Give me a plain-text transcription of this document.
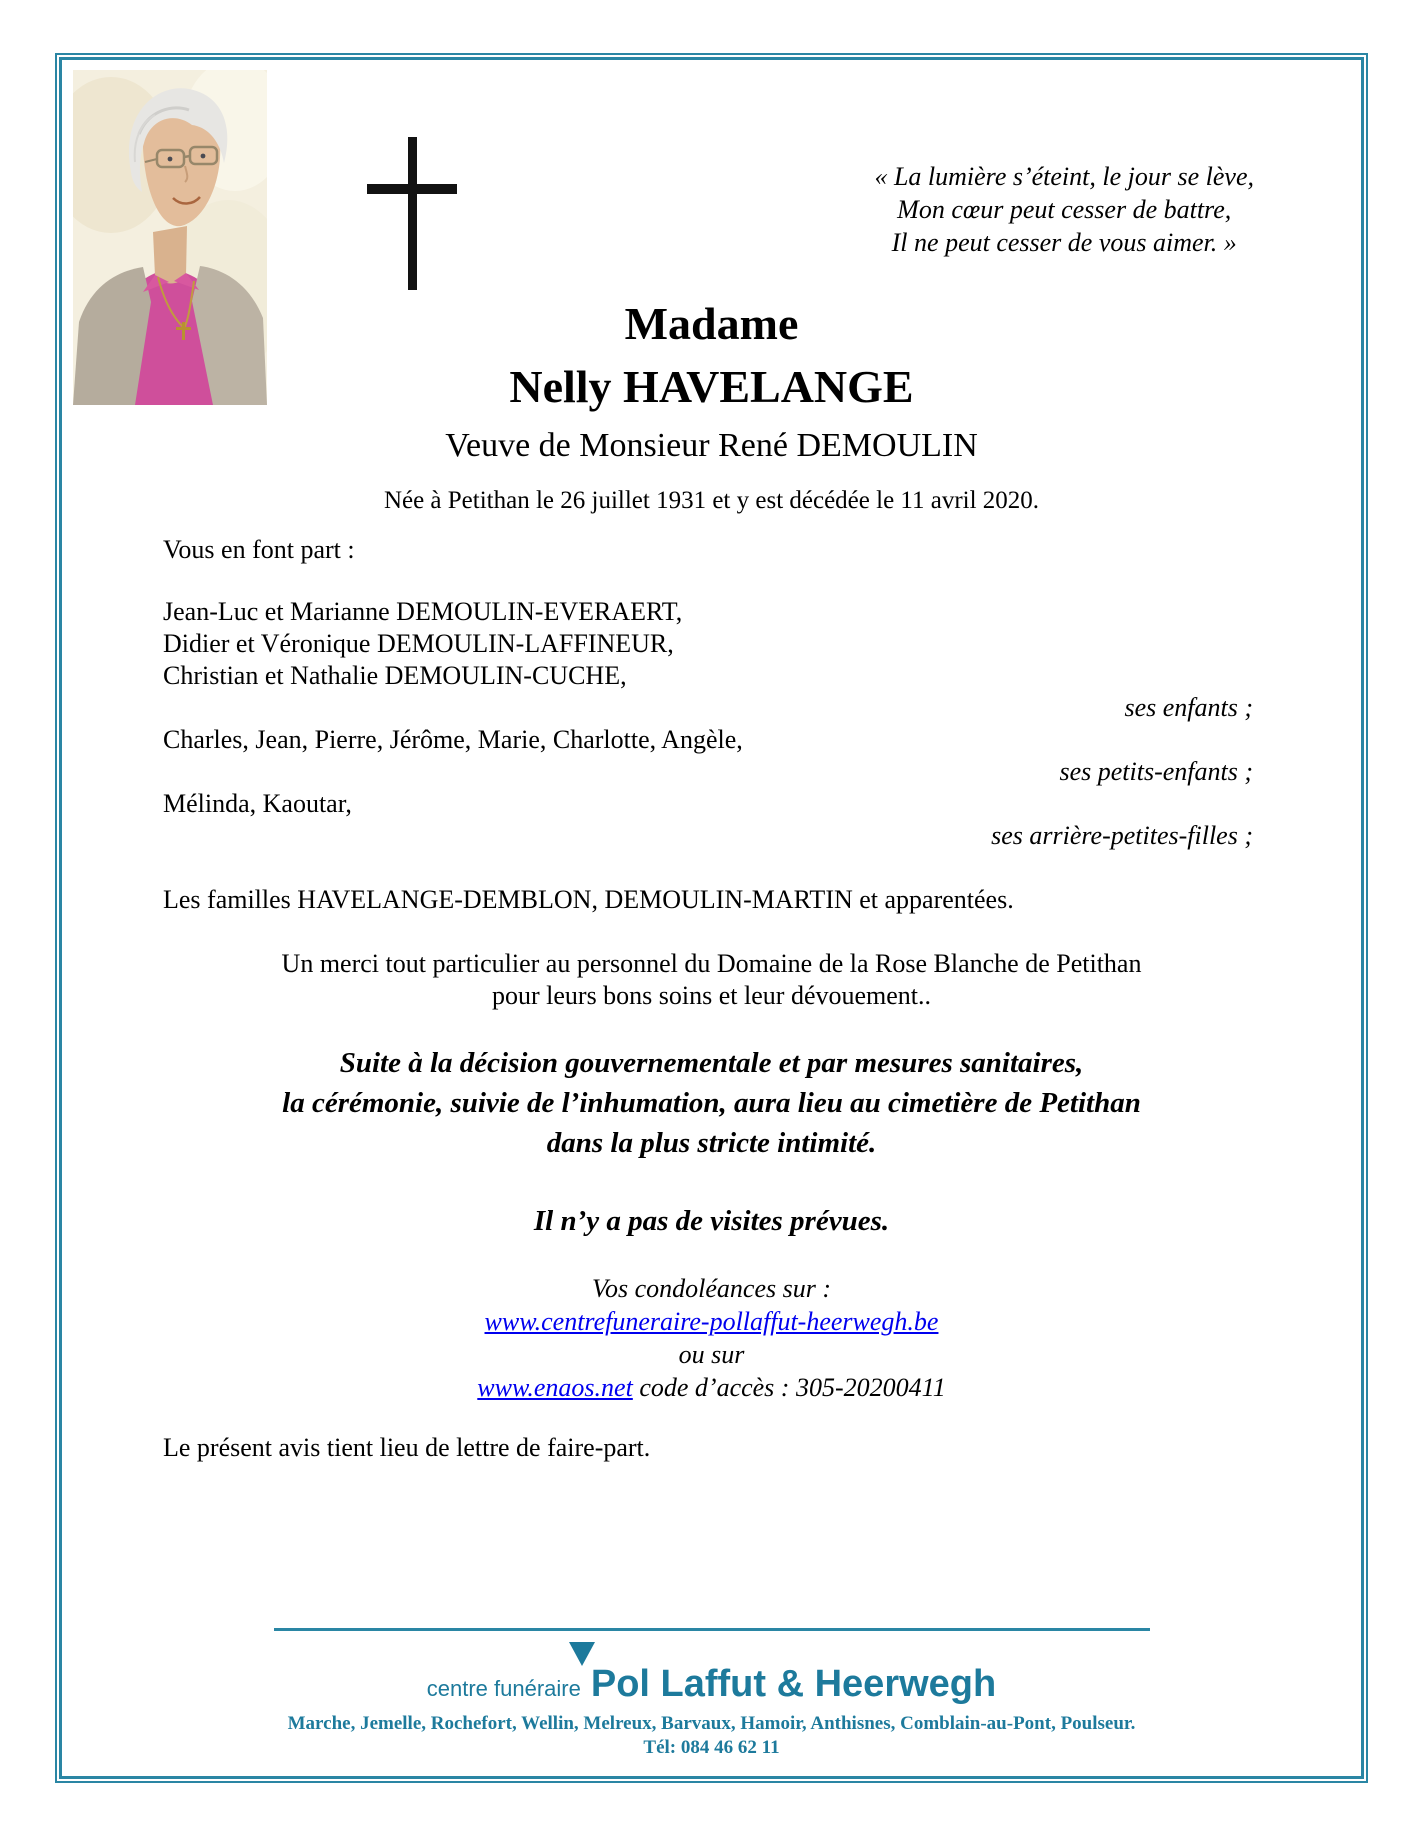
« La lumière s’éteint, le jour se lève,
Mon cœur peut cesser de battre,
Il ne peut cesser de vous aimer. »
Madame
Nelly HAVELANGE
Veuve de Monsieur René DEMOULIN
Née à Petithan le 26 juillet 1931 et y est décédée le 11 avril 2020.
Vous en font part :
Jean-Luc et Marianne DEMOULIN-EVERAERT,
Didier et Véronique DEMOULIN-LAFFINEUR,
Christian et Nathalie DEMOULIN-CUCHE,
ses enfants ;
Charles, Jean, Pierre, Jérôme, Marie, Charlotte, Angèle,
ses petits-enfants ;
Mélinda, Kaoutar,
ses arrière-petites-filles ;
Les familles HAVELANGE-DEMBLON, DEMOULIN-MARTIN et apparentées.
Un merci tout particulier au personnel du Domaine de la Rose Blanche de Petithan
pour leurs bons soins et leur dévouement..
Suite à la décision gouvernementale et par mesures sanitaires,
la cérémonie, suivie de l’inhumation, aura lieu au cimetière de Petithan
dans la plus stricte intimité.
Il n’y a pas de visites prévues.
Vos condoléances sur :
www.centrefuneraire-pollaffut-heerwegh.be
ou sur
www.enaos.net code d’accès : 305-20200411
Le présent avis tient lieu de lettre de faire-part.
centre funéraire Pol Laffut & Heerwegh
Marche, Jemelle, Rochefort, Wellin, Melreux, Barvaux, Hamoir, Anthisnes, Comblain-au-Pont, Poulseur.
Tél: 084 46 62 11
